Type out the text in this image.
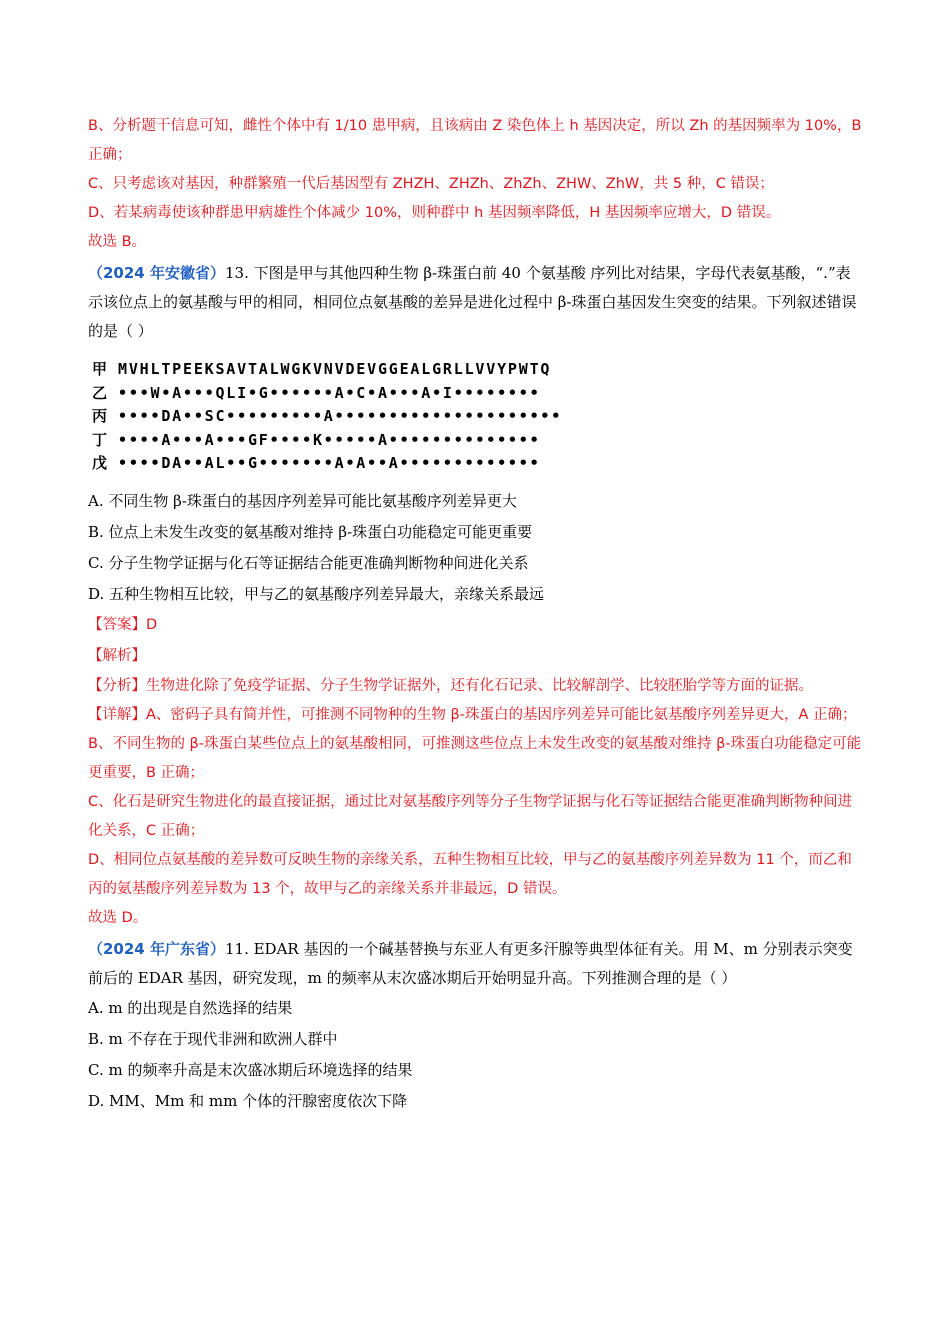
B、分析题干信息可知，雌性个体中有 1/10 患甲病，且该病由 Z 染色体上 h 基因决定，所以 Zh 的基因频率为 10%，B 正确；

C、只考虑该对基因，种群繁殖一代后基因型有 ZHZH、ZHZh、ZhZh、ZHW、ZhW，共 5 种，C 错误；

D、若某病毒使该种群患甲病雄性个体减少 10%，则种群中 h 基因频率降低，H 基因频率应增大，D 错误。

故选 B。

（2024 年安徽省）13. 下图是甲与其他四种生物 β-珠蛋白前 40 个氨基酸 序列比对结果，字母代表氨基酸，“.”表示该位点上的氨基酸与甲的相同，相同位点氨基酸的差异是进化过程中 β-珠蛋白基因发生突变的结果。下列叙述错误的是（ ）

甲 MVHLTPEEKSAVTALWGKVNVDEVGGEALGRLLVVYPWTQ
乙 •••W•A•••QLI•G••••••A•C•A•••A•I••••••••
丙 ••••DA••SC•••••••••A•••••••••••••••••••••
丁 ••••A•••A•••GF••••K•••••A••••••••••••••
戊 ••••DA••AL••G•••••••A•A••A•••••••••••••

A. 不同生物 β-珠蛋白的基因序列差异可能比氨基酸序列差异更大

B. 位点上未发生改变的氨基酸对维持 β-珠蛋白功能稳定可能更重要

C. 分子生物学证据与化石等证据结合能更准确判断物种间进化关系

D. 五种生物相互比较，甲与乙的氨基酸序列差异最大，亲缘关系最远

【答案】D

【解析】

【分析】生物进化除了免疫学证据、分子生物学证据外，还有化石记录、比较解剖学、比较胚胎学等方面的证据。

【详解】A、密码子具有简并性，可推测不同物种的生物 β-珠蛋白的基因序列差异可能比氨基酸序列差异更大，A 正确；

B、不同生物的 β-珠蛋白某些位点上的氨基酸相同，可推测这些位点上未发生改变的氨基酸对维持 β-珠蛋白功能稳定可能更重要，B 正确；

C、化石是研究生物进化的最直接证据，通过比对氨基酸序列等分子生物学证据与化石等证据结合能更准确判断物种间进化关系，C 正确；

D、相同位点氨基酸的差异数可反映生物的亲缘关系，五种生物相互比较，甲与乙的氨基酸序列差异数为 11 个，而乙和丙的氨基酸序列差异数为 13 个，故甲与乙的亲缘关系并非最远，D 错误。

故选 D。

（2024 年广东省）11. EDAR 基因的一个碱基替换与东亚人有更多汗腺等典型体征有关。用 M、m 分别表示突变前后的 EDAR 基因，研究发现，m 的频率从末次盛冰期后开始明显升高。下列推测合理的是（ ）

A. m 的出现是自然选择的结果

B. m 不存在于现代非洲和欧洲人群中

C. m 的频率升高是末次盛冰期后环境选择的结果

D. MM、Mm 和 mm 个体的汗腺密度依次下降
